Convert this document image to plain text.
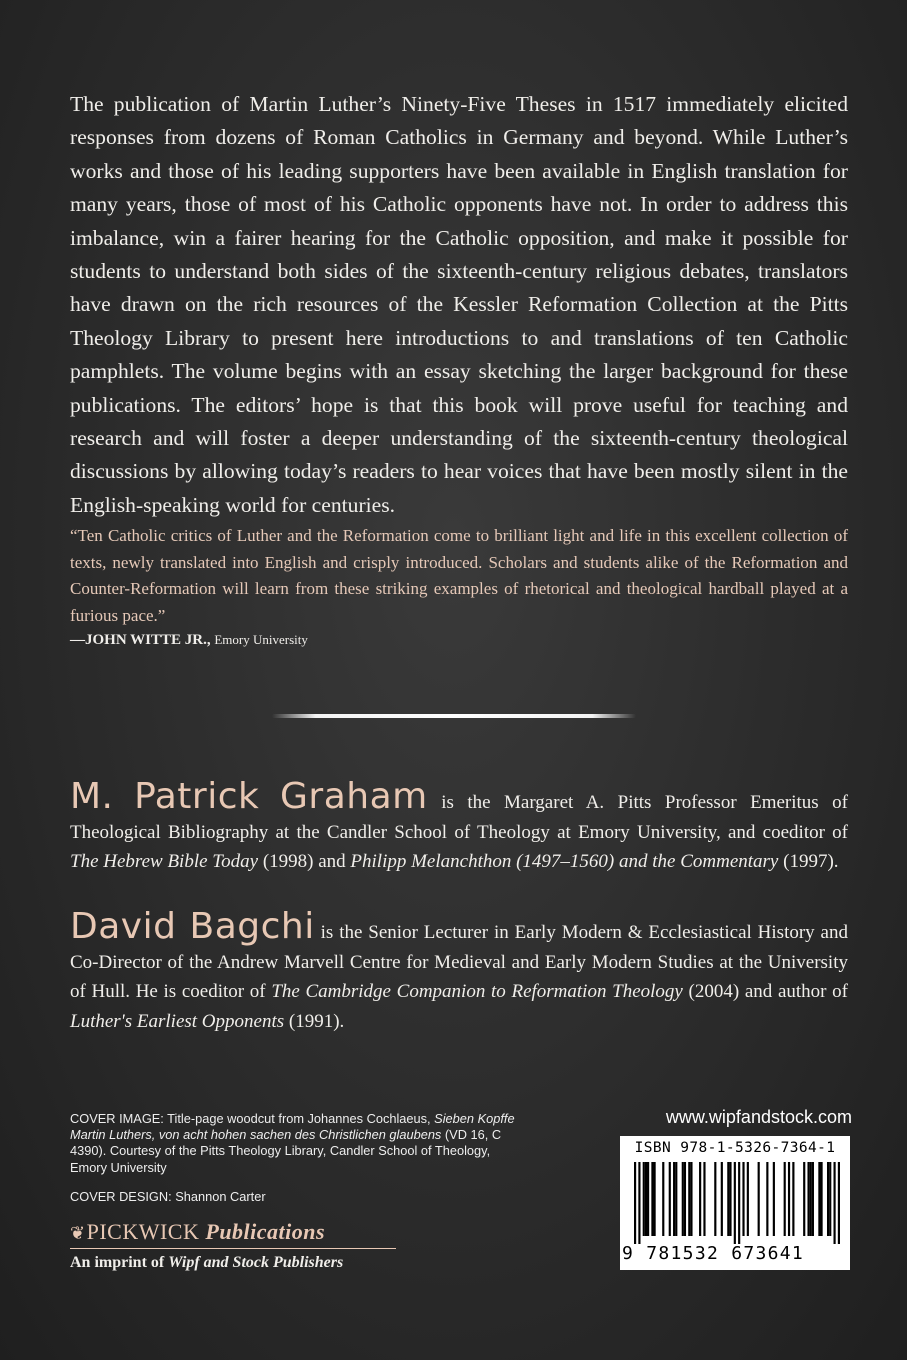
The publication of Martin Luther’s Ninety-Five Theses in 1517 immediately elicited responses from dozens of Roman Catholics in Germany and beyond. While Luther’s works and those of his leading supporters have been available in English translation for many years, those of most of his Catholic opponents have not. In order to address this imbalance, win a fairer hearing for the Catholic opposition, and make it possible for students to understand both sides of the sixteenth-century religious debates, translators have drawn on the rich resources of the Kessler Reformation Collection at the Pitts Theology Library to present here introductions to and translations of ten Catholic pamphlets. The volume begins with an essay sketching the larger background for these publications. The editors’ hope is that this book will prove useful for teaching and research and will foster a deeper understanding of the sixteenth-century theological discussions by allowing today’s readers to hear voices that have been mostly silent in the English-speaking world for centuries.
“Ten Catholic critics of Luther and the Reformation come to brilliant light and life in this excellent collection of texts, newly translated into English and crisply introduced. Scholars and students alike of the Reformation and Counter-Reformation will learn from these striking examples of rhetorical and theological hardball played at a furious pace.”
—JOHN WITTE JR., Emory University
M. Patrick Graham is the Margaret A. Pitts Professor Emeritus of Theological Bibliography at the Candler School of Theology at Emory University, and coeditor of The Hebrew Bible Today (1998) and Philipp Melanchthon (1497–1560) and the Commentary (1997).
David Bagchi is the Senior Lecturer in Early Modern & Ecclesiastical History and Co-Director of the Andrew Marvell Centre for Medieval and Early Modern Studies at the University of Hull. He is coeditor of The Cambridge Companion to Reformation Theology (2004) and author of Luther's Earliest Opponents (1991).
COVER IMAGE: Title-page woodcut from Johannes Cochlaeus, Sieben Kopffe Martin Luthers, von acht hohen sachen des Christlichen glaubens (VD 16, C 4390). Courtesy of the Pitts Theology Library, Candler School of Theology, Emory University
COVER DESIGN: Shannon Carter
❦PICKWICK Publications
An imprint of Wipf and Stock Publishers
www.wipfandstock.com
ISBN 978-1-5326-7364-1
9 781532 673641
